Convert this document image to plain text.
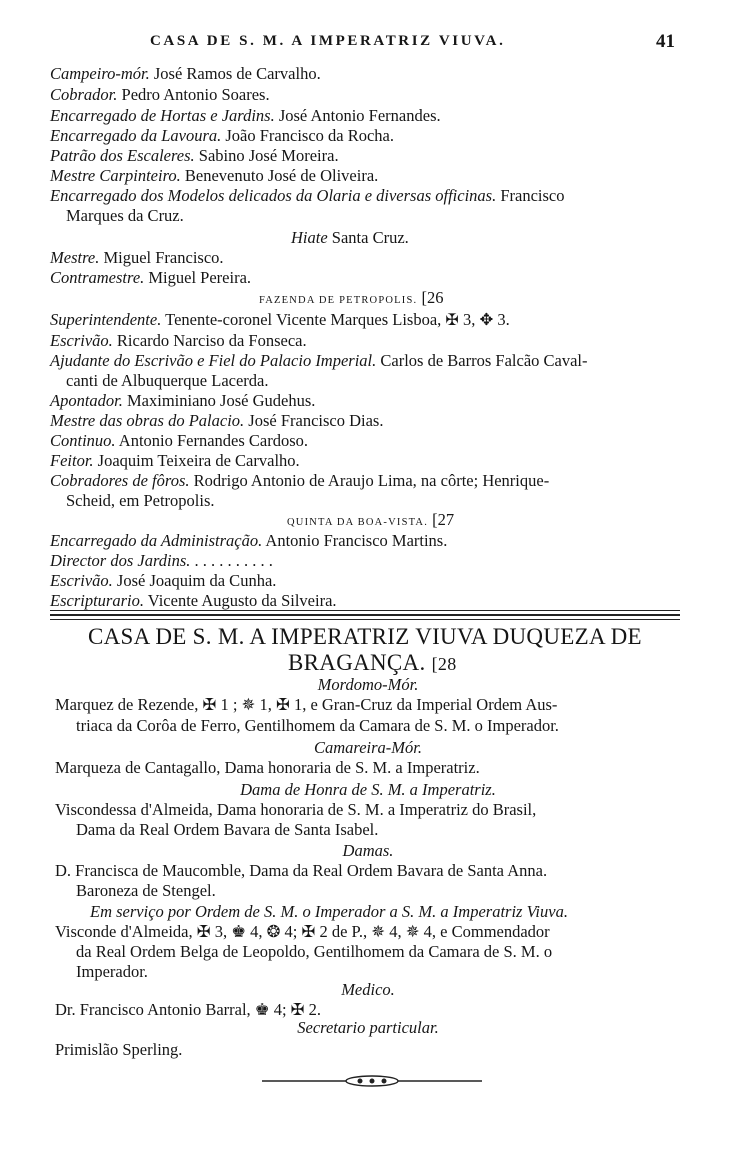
CASA DE S. M. A IMPERATRIZ VIUVA.	41
Campeiro-mór. José Ramos de Carvalho.
Cobrador. Pedro Antonio Soares.
Encarregado de Hortas e Jardins. José Antonio Fernandes.
Encarregado da Lavoura. João Francisco da Rocha.
Patrão dos Escaleres. Sabino José Moreira.
Mestre Carpinteiro. Benevenuto José de Oliveira.
Encarregado dos Modelos delicados da Olaria e diversas officinas. Francisco
Marques da Cruz.
Hiate Santa Cruz.
Mestre. Miguel Francisco.
Contramestre. Miguel Pereira.
FAZENDA DE PETROPOLIS. [26
Superintendente. Tenente-coronel Vicente Marques Lisboa, ✠ 3, ✥ 3.
Escrivão. Ricardo Narciso da Fonseca.
Ajudante do Escrivão e Fiel do Palacio Imperial. Carlos de Barros Falcão Caval-
canti de Albuquerque Lacerda.
Apontador. Maximiniano José Gudehus.
Mestre das obras do Palacio. José Francisco Dias.
Continuo. Antonio Fernandes Cardoso.
Feitor. Joaquim Teixeira de Carvalho.
Cobradores de fôros. Rodrigo Antonio de Araujo Lima, na côrte; Henrique-
Scheid, em Petropolis.
QUINTA DA BOA-VISTA. [27
Encarregado da Administração. Antonio Francisco Martins.
Director dos Jardins. . . . . . . . . . .
Escrivão. José Joaquim da Cunha.
Escripturario. Vicente Augusto da Silveira.
CASA DE S. M. A IMPERATRIZ VIUVA DUQUEZA DE
BRAGANÇA. [28
Mordomo-Mór.
Marquez de Rezende, ✠ 1 ; ✵ 1, ✠ 1, e Gran-Cruz da Imperial Ordem Aus-
triaca da Corôa de Ferro, Gentilhomem da Camara de S. M. o Imperador.
Camareira-Mór.
Marqueza de Cantagallo, Dama honoraria de S. M. a Imperatriz.
Dama de Honra de S. M. a Imperatriz.
Viscondessa d'Almeida, Dama honoraria de S. M. a Imperatriz do Brasil,
Dama da Real Ordem Bavara de Santa Isabel.
Damas.
D. Francisca de Maucomble, Dama da Real Ordem Bavara de Santa Anna.
Baroneza de Stengel.
Em serviço por Ordem de S. M. o Imperador a S. M. a Imperatriz Viuva.
Visconde d'Almeida, ✠ 3, ♚ 4, ❂ 4; ✠ 2 de P., ✵ 4, ✵ 4, e Commendador
da Real Ordem Belga de Leopoldo, Gentilhomem da Camara de S. M. o
Imperador.
Medico.
Dr. Francisco Antonio Barral, ♚ 4; ✠ 2.
Secretario particular.
Primislão Sperling.
